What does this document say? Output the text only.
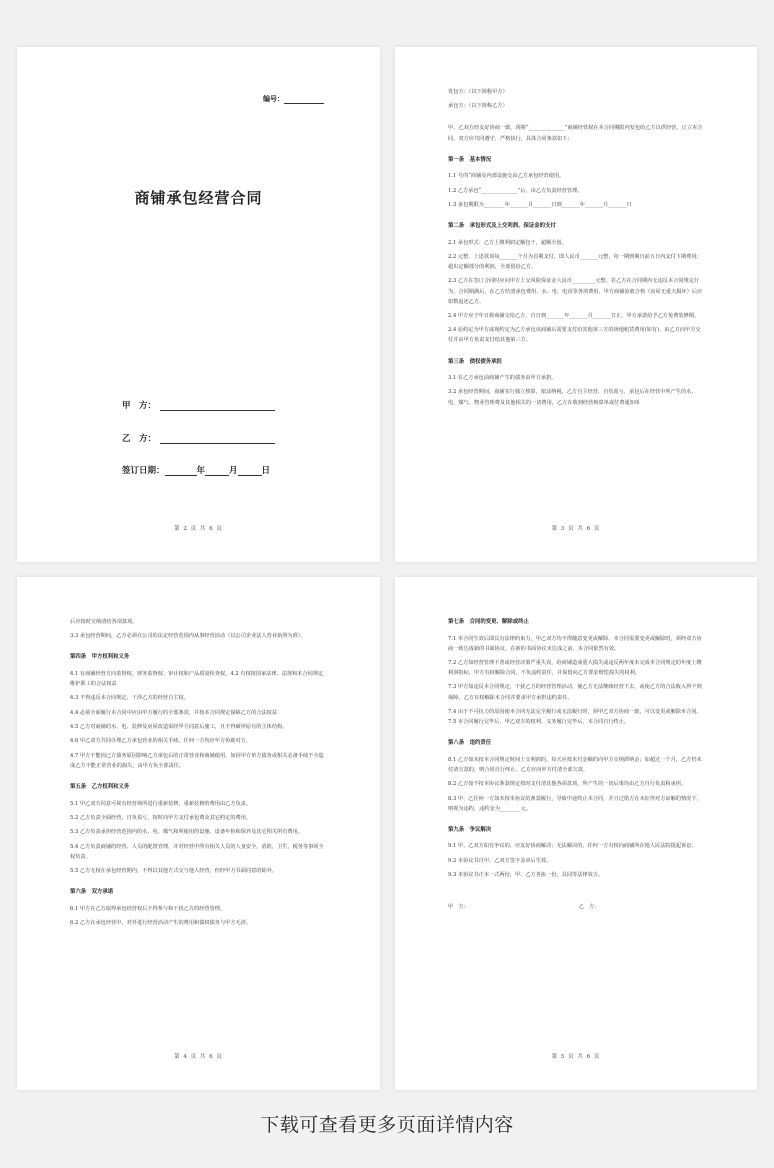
编号：
商铺承包经营合同
甲　方：
乙　方：
签订日期：	年	月	日
第 2 页 共 6 页

发包方：（以下简称甲方）

承包方：（以下简称乙方）

甲、乙双方经友好协商一致，现将“______________”商铺经营权在本合同期限内发包给乙方以供经营，订立本合同，双方应共同遵守，严格执行，具体合同条款如下：

第一条　基本情况

1.1 号的“商铺及内部设施交由乙方承包经营使用。

1.2 乙方承包“______________”后，由乙方负责经营管理。

1.3 承包期限为________年_______月_______日到_______年_______月_______日

第二条　承包形式及上交利润、保证金的支付

2.1 承包形式：乙方上缴利润定额包干，超额全留。

2.2 元整，上述款项每_______个月为首期支付，即人民币_______元整，每一期到期日前五日内支付下期费用；超出定额部分的利润，全部留给乙方。

2.3 乙方在签订合同时应向甲方上交风险保证金人民币_________元整。若乙方在合同期内无违反本合同规定行为，合同期满后，在乙方结清承包费用、水、电、电讯等各项费用，甲方商铺验收合格（房屋无重大损坏）后应如数退还乙方。

2.4 甲方应于年日将商铺交给乙方，自日到_______年_______月_______日止，甲方承诺给予乙方免费装修期。

2.4 原约定为甲方或现约定为乙方承包该商铺后需要支付给其他第三方的场地租赁费用(如有)，由乙方向甲方交付并由甲方负责支付给其他第三方。

第三条　债权债务承担

3.1 在乙方承包前商铺产生的债务由甲方承担。

3.2 承包经营期间，商铺实行独立核算，依法纳税，乙方自主经营，自负盈亏，承包后在经营中所产生的水、电、煤气、物业管理费及其他相关的一切费用，乙方在收到经营核算单或付费通知单

第 3 页 共 6 页

后应按时交纳清结各项款项。

3.3 承包经营期间，乙方必须在公司的法定经营范围内从事经营活动（以公司企业法人营业执照为准）。

第四条　甲方权利和义务

4.1 有商铺经营方向监督权、财务监督权、审计权和产品质量检查权。4.2 有权按国家法律、法规和本合同规定维护职工的合法权益

4.3 不得违反本合同规定，干涉乙方的经营自主权。

4.4 必须全面履行本合同中应由甲方履行的全部条款，并按本合同规定保障乙方的合法权益

4.5 乙方对商铺的水、电、装修及房屋改造需经甲方同意后施工，且不得破坏原有的主体结构。

4.6 甲乙双方共同办理乙方承包营业的相关手续，任何一方均应年方协助对方。

4.7 甲方不能因已方债务原因影响乙方承包后的正常营业和商铺使用，如因甲方单方债务或相关必备手续不全造成乙方不能正常营业的损失，由甲方负全部责任。

第五条　乙方权利和义务

5.1 甲乙双方同意可视有经营场所进行重新装修，重新装修的费用由乙方负责。

5.2 乙方负责全面经营，自负盈亏，按时向甲方支付承包费及其它约定的费用。

5.3 乙方负责承担经营范围内的水、电、煤气和所使用的设施、设备年检和保养及其它相关所有费用。

5.4 乙方负责商铺的经营、人员的配置管理，并对经营中所有相关人员的人身安全，消防，卫生，税务等事项全权负责。

5.5 乙方无权在承包经营期内，不得以其他方式交与他人经营，但经甲方书面同意的除外。

第六条　双方承诺

6.1 甲方在乙方取得承包经营权后不得参与和干扰乙方的经营管理。

6.2 乙方在承包经营中，对外进行经营活动产生的费用和债权债务与甲方无涉。

第 4 页 共 6 页
第七条　合同的变更、解除或终止

7.1 本合同生效后即具有法律约束力，甲乙双方均不得随意变更或解除。本合同需要变更或解除时，须经双方协商一致达成新的书面协议，在新的书面协议未达成之前，本合同依然有效。

7.2 乙方如经营管理不善或经营决策严重失误，给商铺造成重大损失或违反两年度未完成本合同规定的年度上缴利润指标，甲方有权解除合同，不负违约责任，并保留向乙方要求赔偿损失的权利。

7.3 甲方如违反本合同规定，干扰乙方的经营管理活动，使乙方无法继续经营下去，或使乙方的合法收入得不到保障，乙方有权解除本合同并要求甲方承担违约责任。

7.4 由于不可抗力的原因使本合同无法完全履行或无法履行时，须甲乙双方协商一致，可以变更或解除本合同。7.5 本合同履行完毕后，甲乙双方的权利、义务履行完毕后，本合同自行终止。

第八条　违约责任

8.1 乙方如未按本合同规定时间上交利润的，每天应按未付金额的向甲方交纳滞纳金；如超过一个月，乙方仍未付清欠款的，则合同自行终止，乙方应向甲方付清全部欠款。

8.2 乙方如不按本协议条款规定按时支付清其他各项款项，所产生的一切后果均由乙方自行负责和承担。

8.3 甲、乙任何一方如未按本协议的条款履行，导致中途终止本合同，并且过错方在未征得对方谅解的情况下，则视为违约，违约金为________元。

第九条　争议解决

9.1 甲、乙双方如有争议的，应友好协商解决；无法解决的，任何一方有权向商铺所在地人民法院提起诉讼。

9.2 本协议书自甲、乙双方签字盖章后生效。

9.3 本协议书正本一式两份，甲、乙方各执一份，具同等法律效力。

甲　方：	乙　方：
第 5 页 共 6 页
下载可查看更多页面详情内容
